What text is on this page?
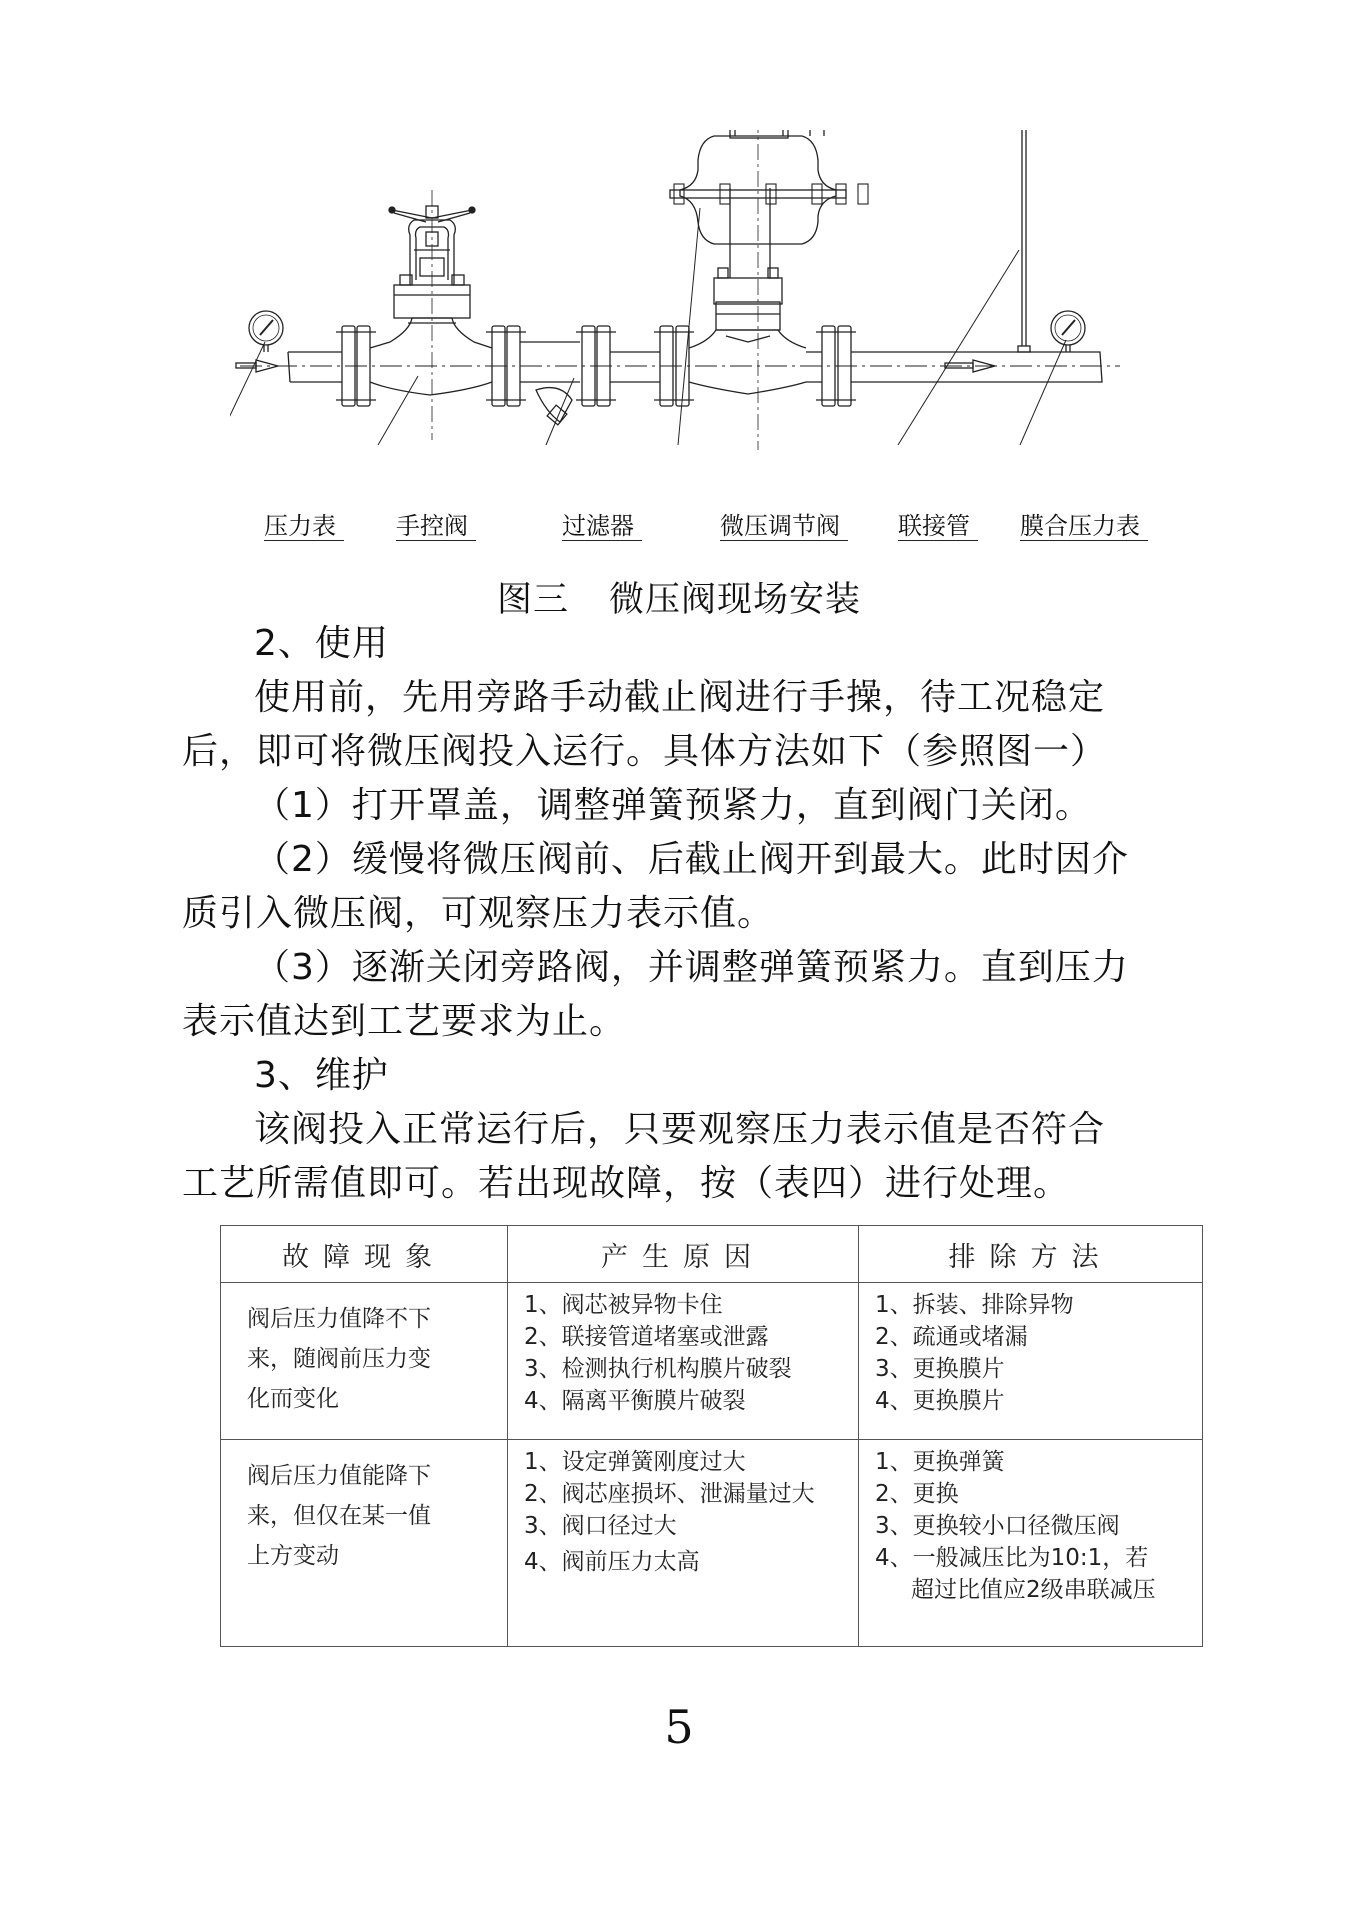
压力表	手控阀	过滤器	微压调节阀	联接管	膜合压力表
图三 微压阀现场安装
2、使用
使用前，先用旁路手动截止阀进行手操，待工况稳定
后，即可将微压阀投入运行。具体方法如下（参照图一）
（1）打开罩盖，调整弹簧预紧力，直到阀门关闭。
（2）缓慢将微压阀前、后截止阀开到最大。此时因介
质引入微压阀，可观察压力表示值。
（3）逐渐关闭旁路阀，并调整弹簧预紧力。直到压力
表示值达到工艺要求为止。
3、维护
该阀投入正常运行后，只要观察压力表示值是否符合
工艺所需值即可。若出现故障，按（表四）进行处理。
故障现象	产生原因	排除方法

阀后压力值降不下
来，随阀前压力变
化而变化	1、阀芯被异物卡住
2、联接管道堵塞或泄露
3、检测执行机构膜片破裂
4、隔离平衡膜片破裂	1、拆装、排除异物
2、疏通或堵漏
3、更换膜片
4、更换膜片

阀后压力值能降下
来，但仅在某一值
上方变动	1、设定弹簧刚度过大
2、阀芯座损坏、泄漏量过大
3、阀口径过大
4、阀前压力太高	1、更换弹簧
2、更换
3、更换较小口径微压阀
4、一般减压比为10:1，若
超过比值应2级串联减压
5
